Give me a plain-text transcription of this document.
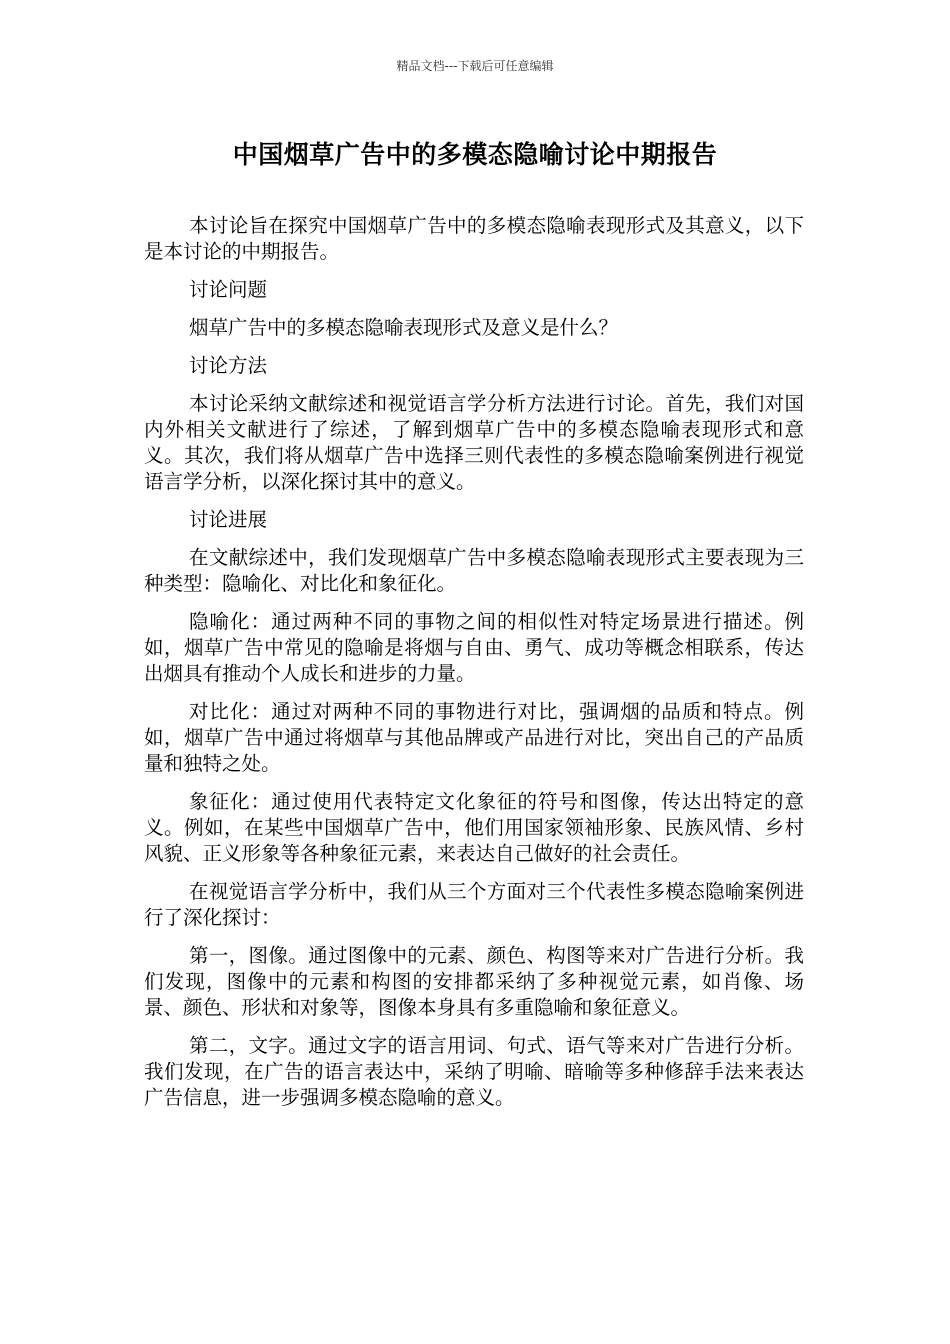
精品文档---下载后可任意编辑
中国烟草广告中的多模态隐喻讨论中期报告

本讨论旨在探究中国烟草广告中的多模态隐喻表现形式及其意义，以下是本讨论的中期报告。

讨论问题

烟草广告中的多模态隐喻表现形式及意义是什么？

讨论方法

本讨论采纳文献综述和视觉语言学分析方法进行讨论。首先，我们对国内外相关文献进行了综述，了解到烟草广告中的多模态隐喻表现形式和意义。其次，我们将从烟草广告中选择三则代表性的多模态隐喻案例进行视觉语言学分析，以深化探讨其中的意义。

讨论进展

在文献综述中，我们发现烟草广告中多模态隐喻表现形式主要表现为三种类型：隐喻化、对比化和象征化。

隐喻化：通过两种不同的事物之间的相似性对特定场景进行描述。例如，烟草广告中常见的隐喻是将烟与自由、勇气、成功等概念相联系，传达出烟具有推动个人成长和进步的力量。

对比化：通过对两种不同的事物进行对比，强调烟的品质和特点。例如，烟草广告中通过将烟草与其他品牌或产品进行对比，突出自己的产品质量和独特之处。

象征化：通过使用代表特定文化象征的符号和图像，传达出特定的意义。例如，在某些中国烟草广告中，他们用国家领袖形象、民族风情、乡村风貌、正义形象等各种象征元素，来表达自己做好的社会责任。

在视觉语言学分析中，我们从三个方面对三个代表性多模态隐喻案例进行了深化探讨：

第一，图像。通过图像中的元素、颜色、构图等来对广告进行分析。我们发现，图像中的元素和构图的安排都采纳了多种视觉元素，如肖像、场景、颜色、形状和对象等，图像本身具有多重隐喻和象征意义。

第二，文字。通过文字的语言用词、句式、语气等来对广告进行分析。我们发现，在广告的语言表达中，采纳了明喻、暗喻等多种修辞手法来表达广告信息，进一步强调多模态隐喻的意义。
